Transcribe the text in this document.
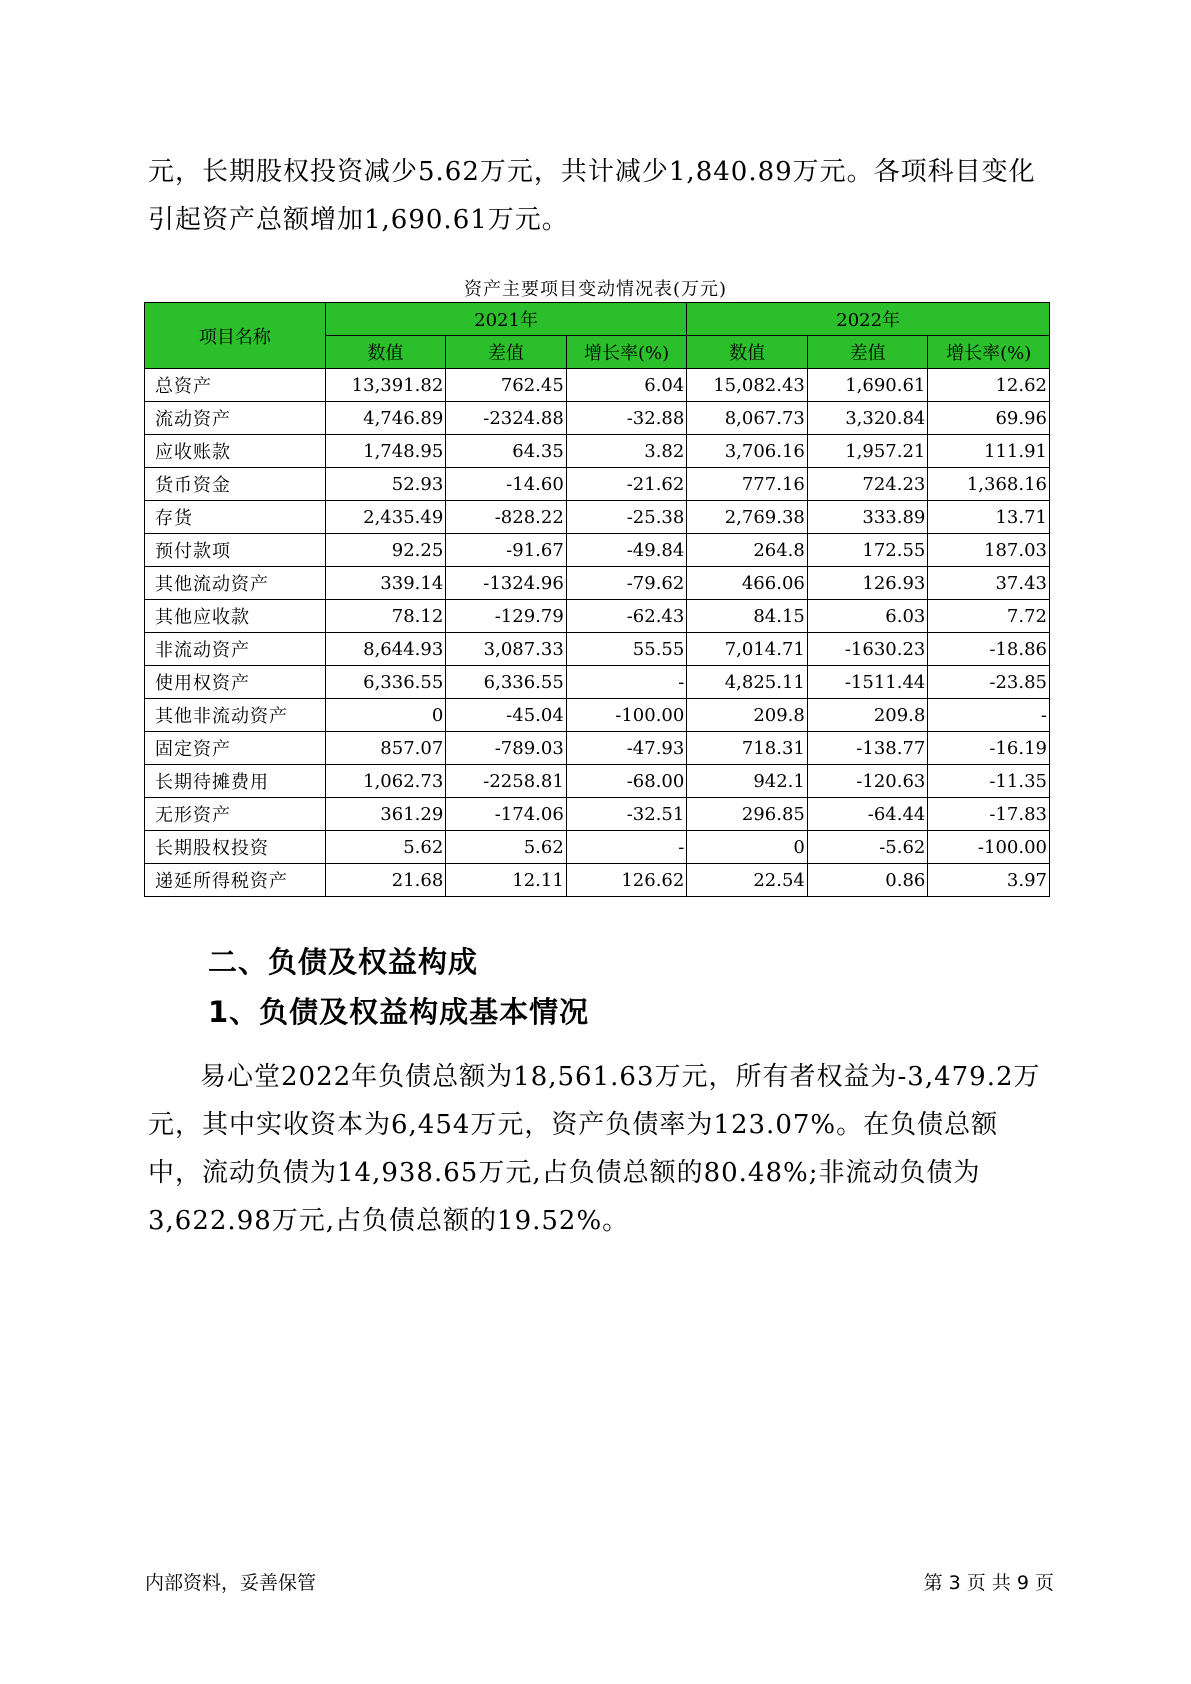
元，长期股权投资减少5.62万元，共计减少1,840.89万元。各项科目变化引起资产总额增加1,690.61万元。

资产主要项目变动情况表(万元)
项目名称	2021年			2022年		
	数值	差值	增长率(%)	数值	差值	增长率(%)
总资产	13,391.82	762.45	6.04	15,082.43	1,690.61	12.62
流动资产	4,746.89	-2324.88	-32.88	8,067.73	3,320.84	69.96
应收账款	1,748.95	64.35	3.82	3,706.16	1,957.21	111.91
货币资金	52.93	-14.60	-21.62	777.16	724.23	1,368.16
存货	2,435.49	-828.22	-25.38	2,769.38	333.89	13.71
预付款项	92.25	-91.67	-49.84	264.8	172.55	187.03
其他流动资产	339.14	-1324.96	-79.62	466.06	126.93	37.43
其他应收款	78.12	-129.79	-62.43	84.15	6.03	7.72
非流动资产	8,644.93	3,087.33	55.55	7,014.71	-1630.23	-18.86
使用权资产	6,336.55	6,336.55	-	4,825.11	-1511.44	-23.85
其他非流动资产	0	-45.04	-100.00	209.8	209.8	-
固定资产	857.07	-789.03	-47.93	718.31	-138.77	-16.19
长期待摊费用	1,062.73	-2258.81	-68.00	942.1	-120.63	-11.35
无形资产	361.29	-174.06	-32.51	296.85	-64.44	-17.83
长期股权投资	5.62	5.62	-	0	-5.62	-100.00
递延所得税资产	21.68	12.11	126.62	22.54	0.86	3.97
二、负债及权益构成
1、负债及权益构成基本情况

易心堂2022年负债总额为18,561.63万元，所有者权益为-3,479.2万元，其中实收资本为6,454万元，资产负债率为123.07%。在负债总额中，流动负债为14,938.65万元,占负债总额的80.48%;非流动负债为3,622.98万元,占负债总额的19.52%。

内部资料，妥善保管	第 3 页 共 9 页
